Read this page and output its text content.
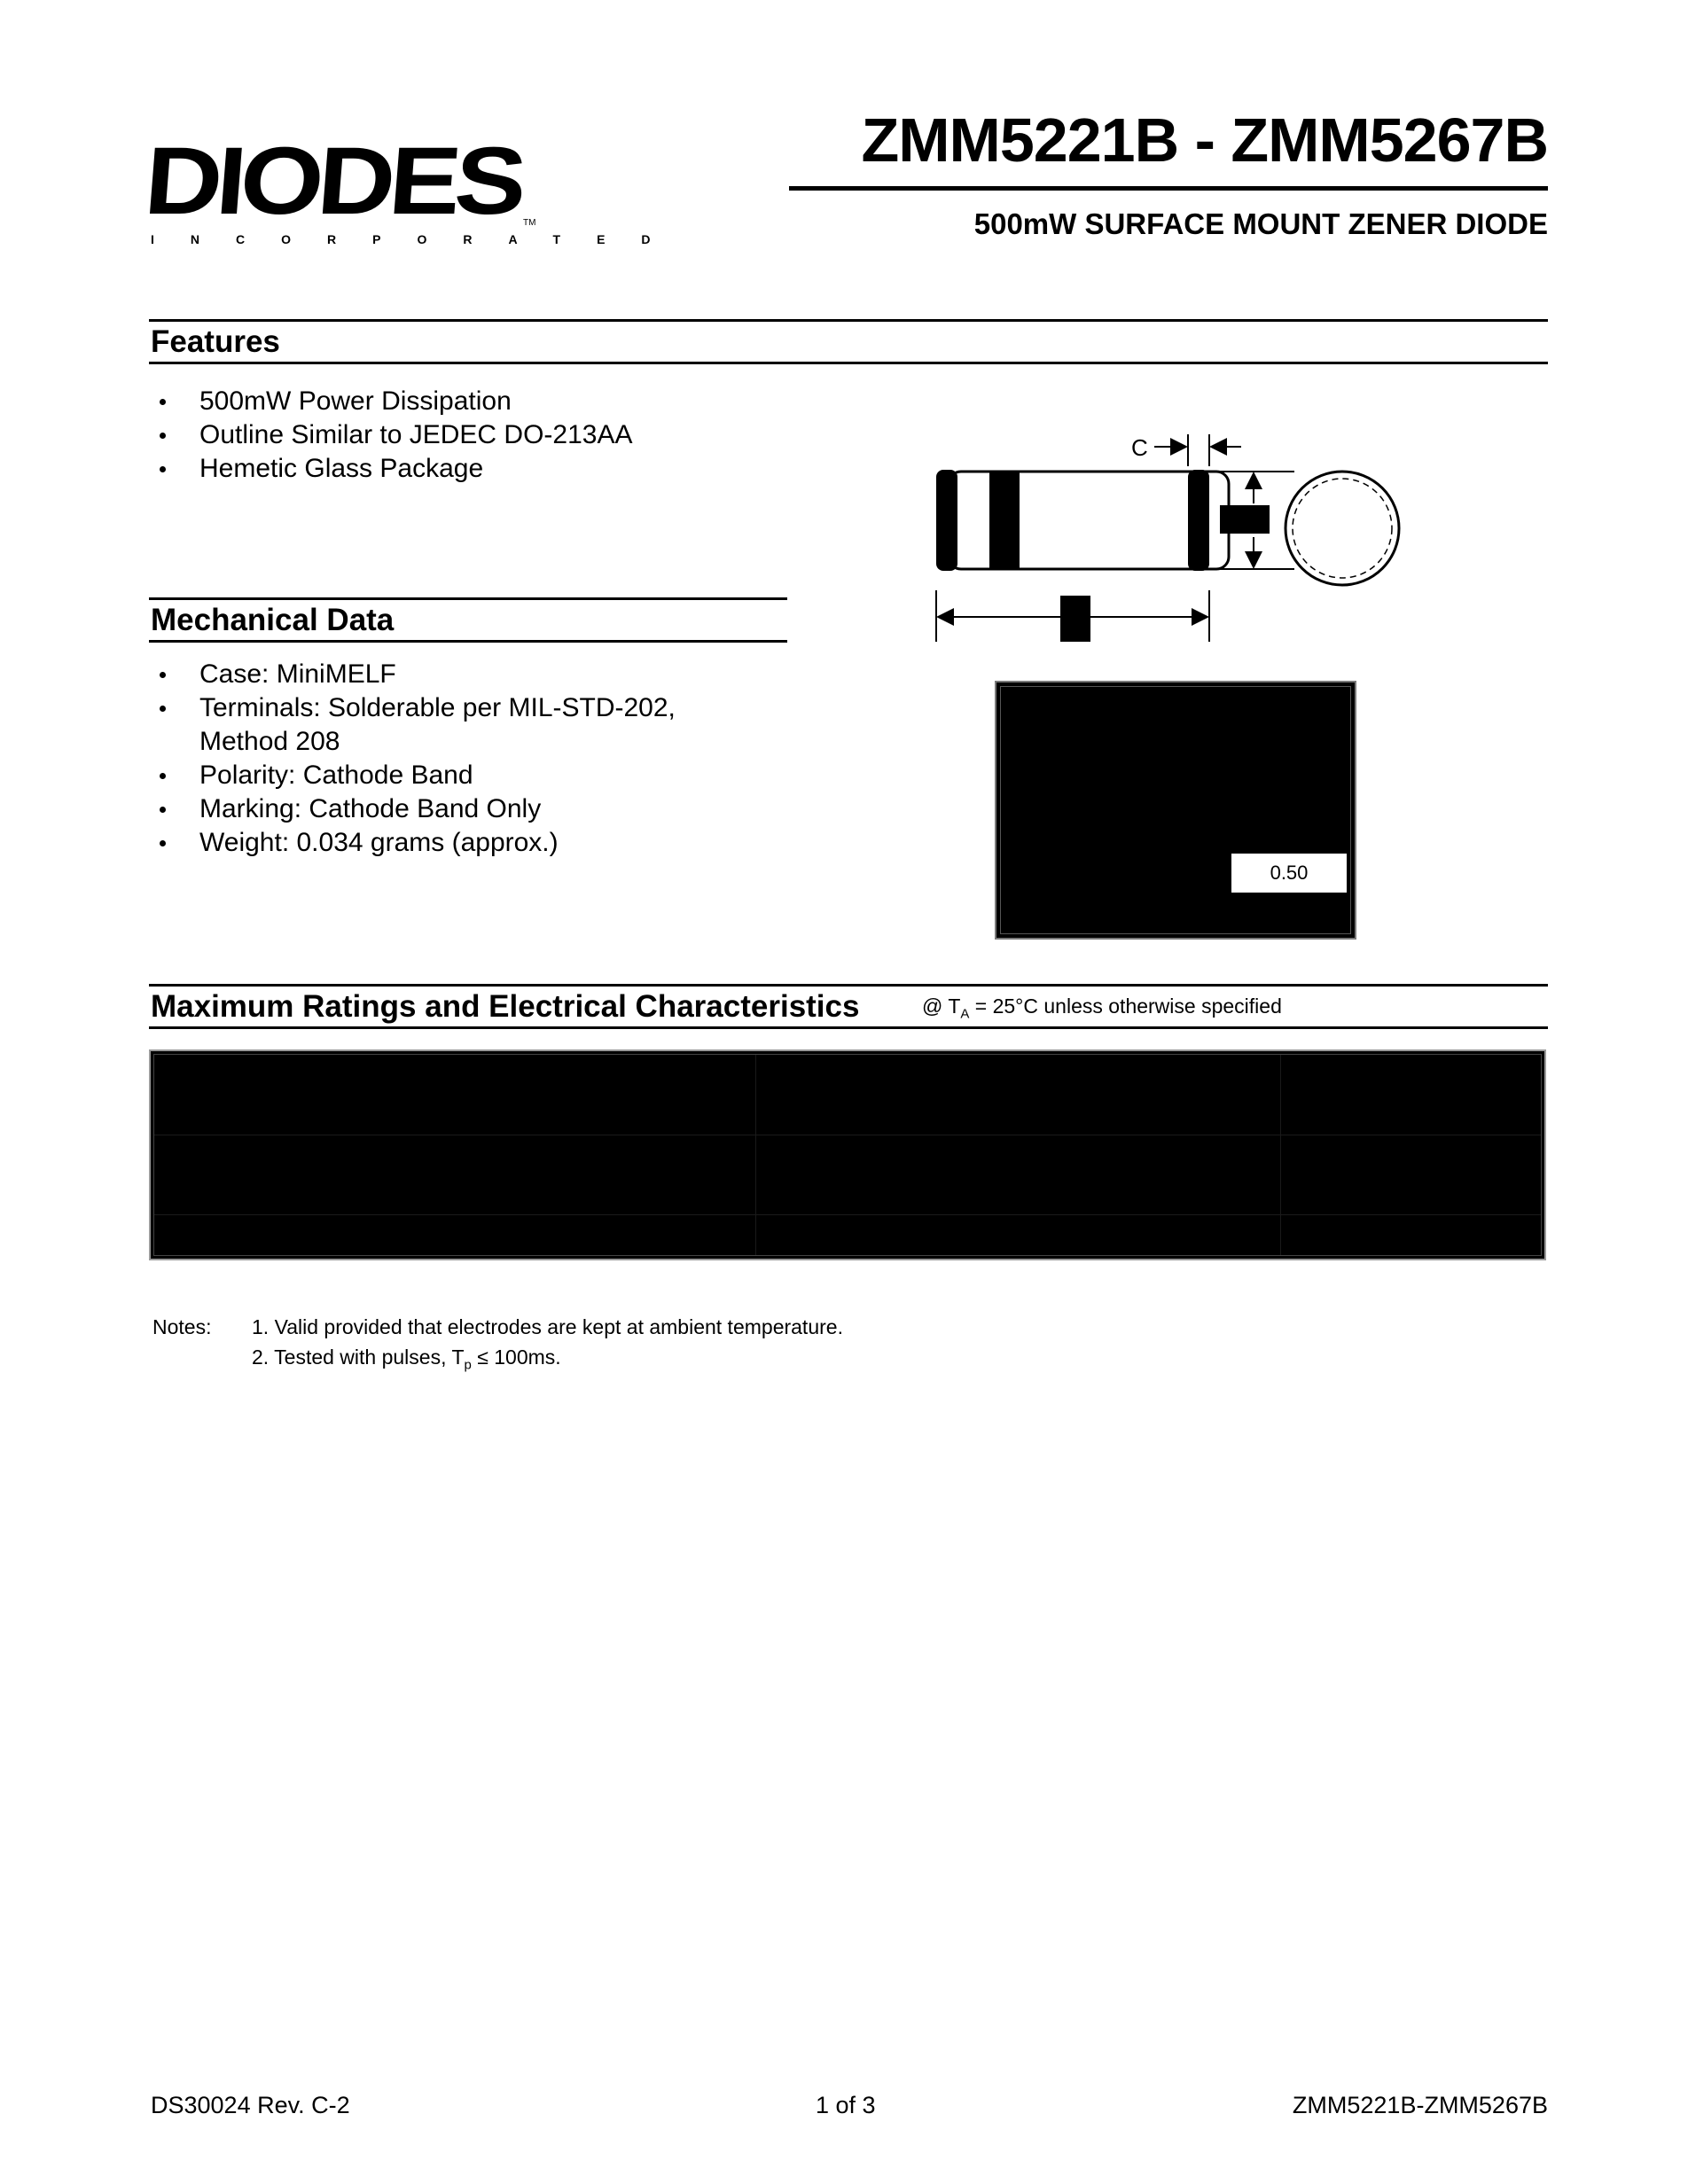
DIODES
INCORPORATED
TM
ZMM5221B - ZMM5267B
500mW SURFACE MOUNT ZENER DIODE
Features
500mW Power Dissipation
Outline Similar to JEDEC DO-213AA
Hemetic Glass Package
Mechanical Data
Case: MiniMELF
Terminals: Solderable per MIL-STD-202,
Method 208
Polarity: Cathode Band
Marking: Cathode Band Only
Weight: 0.034 grams (approx.)
C
0.50
Maximum Ratings and Electrical Characteristics	@ $T_A = 25^\circ C$ unless otherwise specified
Notes: 1. Valid provided that electrodes are kept at ambient temperature.
2. Tested with pulses, $T_p \le 100ms$.
DS30024 Rev. C-2	1 of 3	ZMM5221B-ZMM5267B
